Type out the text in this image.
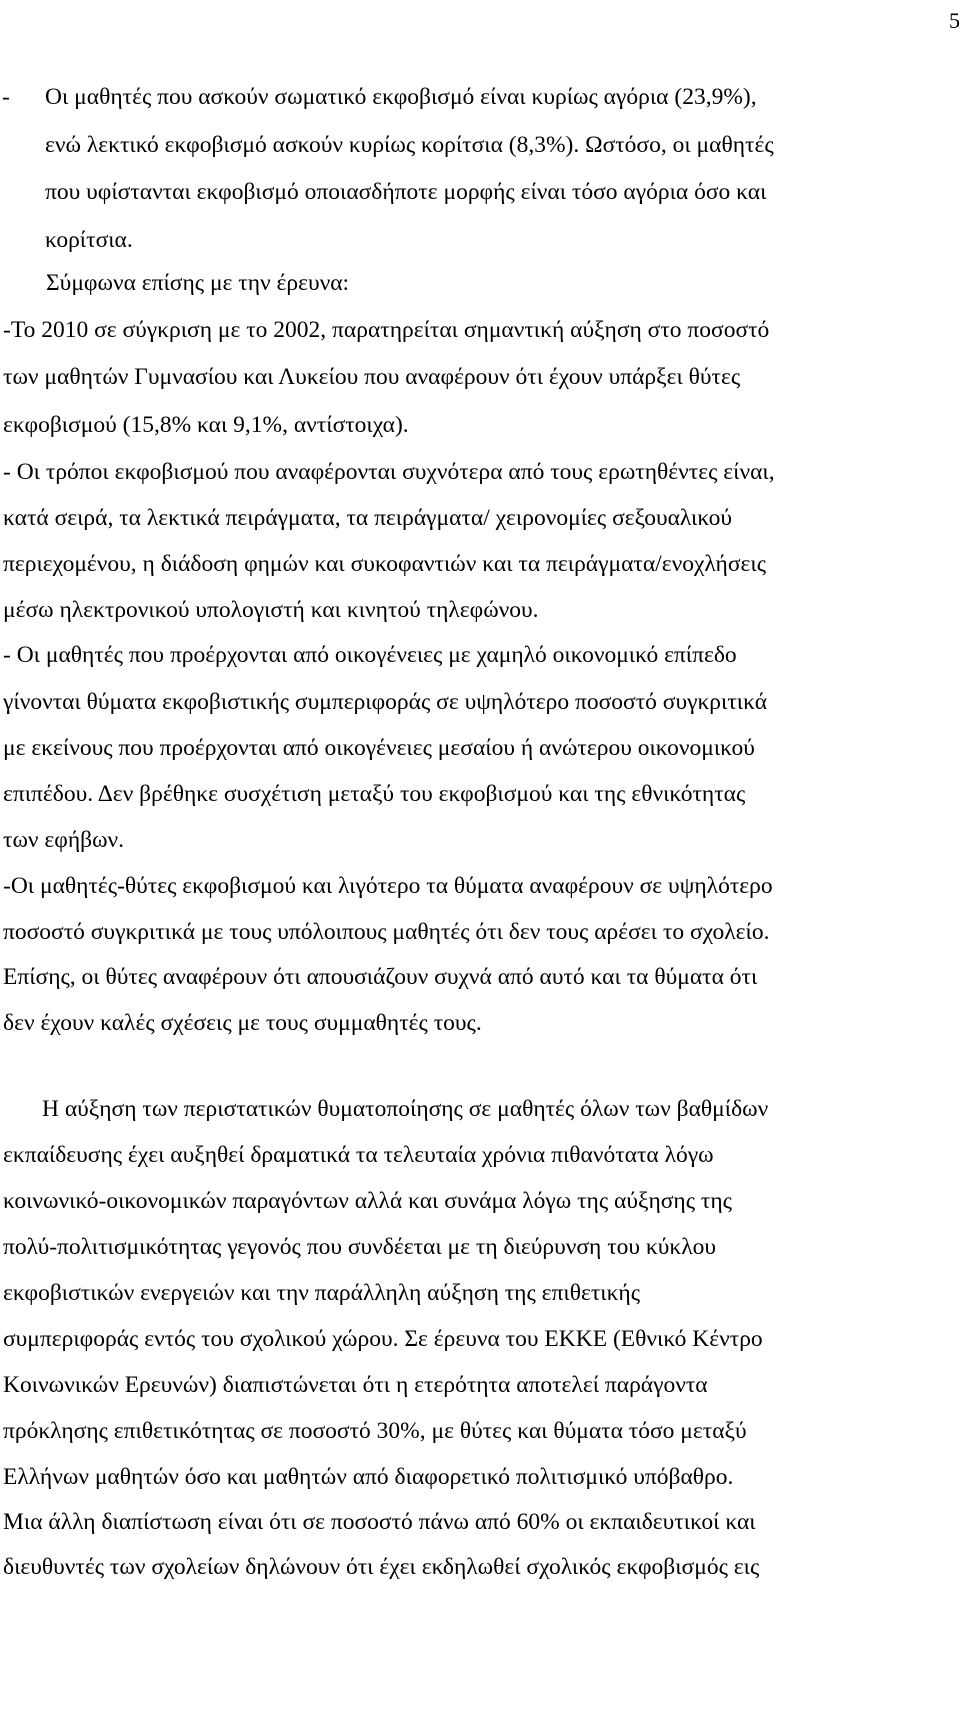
5
- Οι μαθητές που ασκούν σωματικό εκφοβισμό είναι κυρίως αγόρια (23,9%),
ενώ λεκτικό εκφοβισμό ασκούν κυρίως κορίτσια (8,3%). Ωστόσο, οι μαθητές
που υφίστανται εκφοβισμό οποιασδήποτε μορφής είναι τόσο αγόρια όσο και
κορίτσια.
Σύμφωνα επίσης με την έρευνα:
-Το 2010 σε σύγκριση με το 2002, παρατηρείται σημαντική αύξηση στο ποσοστό
των μαθητών Γυμνασίου και Λυκείου που αναφέρουν ότι έχουν υπάρξει θύτες
εκφοβισμού (15,8% και 9,1%, αντίστοιχα).
- Οι τρόποι εκφοβισμού που αναφέρονται συχνότερα από τους ερωτηθέντες είναι,
κατά σειρά, τα λεκτικά πειράγματα, τα πειράγματα/ χειρονομίες σεξουαλικού
περιεχομένου, η διάδοση φημών και συκοφαντιών και τα πειράγματα/ενοχλήσεις
μέσω ηλεκτρονικού υπολογιστή και κινητού τηλεφώνου.
- Οι μαθητές που προέρχονται από οικογένειες με χαμηλό οικονομικό επίπεδο
γίνονται θύματα εκφοβιστικής συμπεριφοράς σε υψηλότερο ποσοστό συγκριτικά
με εκείνους που προέρχονται από οικογένειες μεσαίου ή ανώτερου οικονομικού
επιπέδου. Δεν βρέθηκε συσχέτιση μεταξύ του εκφοβισμού και της εθνικότητας
των εφήβων.
-Οι μαθητές-θύτες εκφοβισμού και λιγότερο τα θύματα αναφέρουν σε υψηλότερο
ποσοστό συγκριτικά με τους υπόλοιπους μαθητές ότι δεν τους αρέσει το σχολείο.
Επίσης, οι θύτες αναφέρουν ότι απουσιάζουν συχνά από αυτό και τα θύματα ότι
δεν έχουν καλές σχέσεις με τους συμμαθητές τους.
Η αύξηση των περιστατικών θυματοποίησης σε μαθητές όλων των βαθμίδων
εκπαίδευσης έχει αυξηθεί δραματικά τα τελευταία χρόνια πιθανότατα λόγω
κοινωνικό-οικονομικών παραγόντων αλλά και συνάμα λόγω της αύξησης της
πολύ-πολιτισμικότητας γεγονός που συνδέεται με τη διεύρυνση του κύκλου
εκφοβιστικών ενεργειών και την παράλληλη αύξηση της επιθετικής
συμπεριφοράς εντός του σχολικού χώρου. Σε έρευνα του ΕΚΚΕ (Εθνικό Κέντρο
Κοινωνικών Ερευνών) διαπιστώνεται ότι η ετερότητα αποτελεί παράγοντα
πρόκλησης επιθετικότητας σε ποσοστό 30%, με θύτες και θύματα τόσο μεταξύ
Ελλήνων μαθητών όσο και μαθητών από διαφορετικό πολιτισμικό υπόβαθρο.
Μια άλλη διαπίστωση είναι ότι σε ποσοστό πάνω από 60% οι εκπαιδευτικοί και
διευθυντές των σχολείων δηλώνουν ότι έχει εκδηλωθεί σχολικός εκφοβισμός εις
